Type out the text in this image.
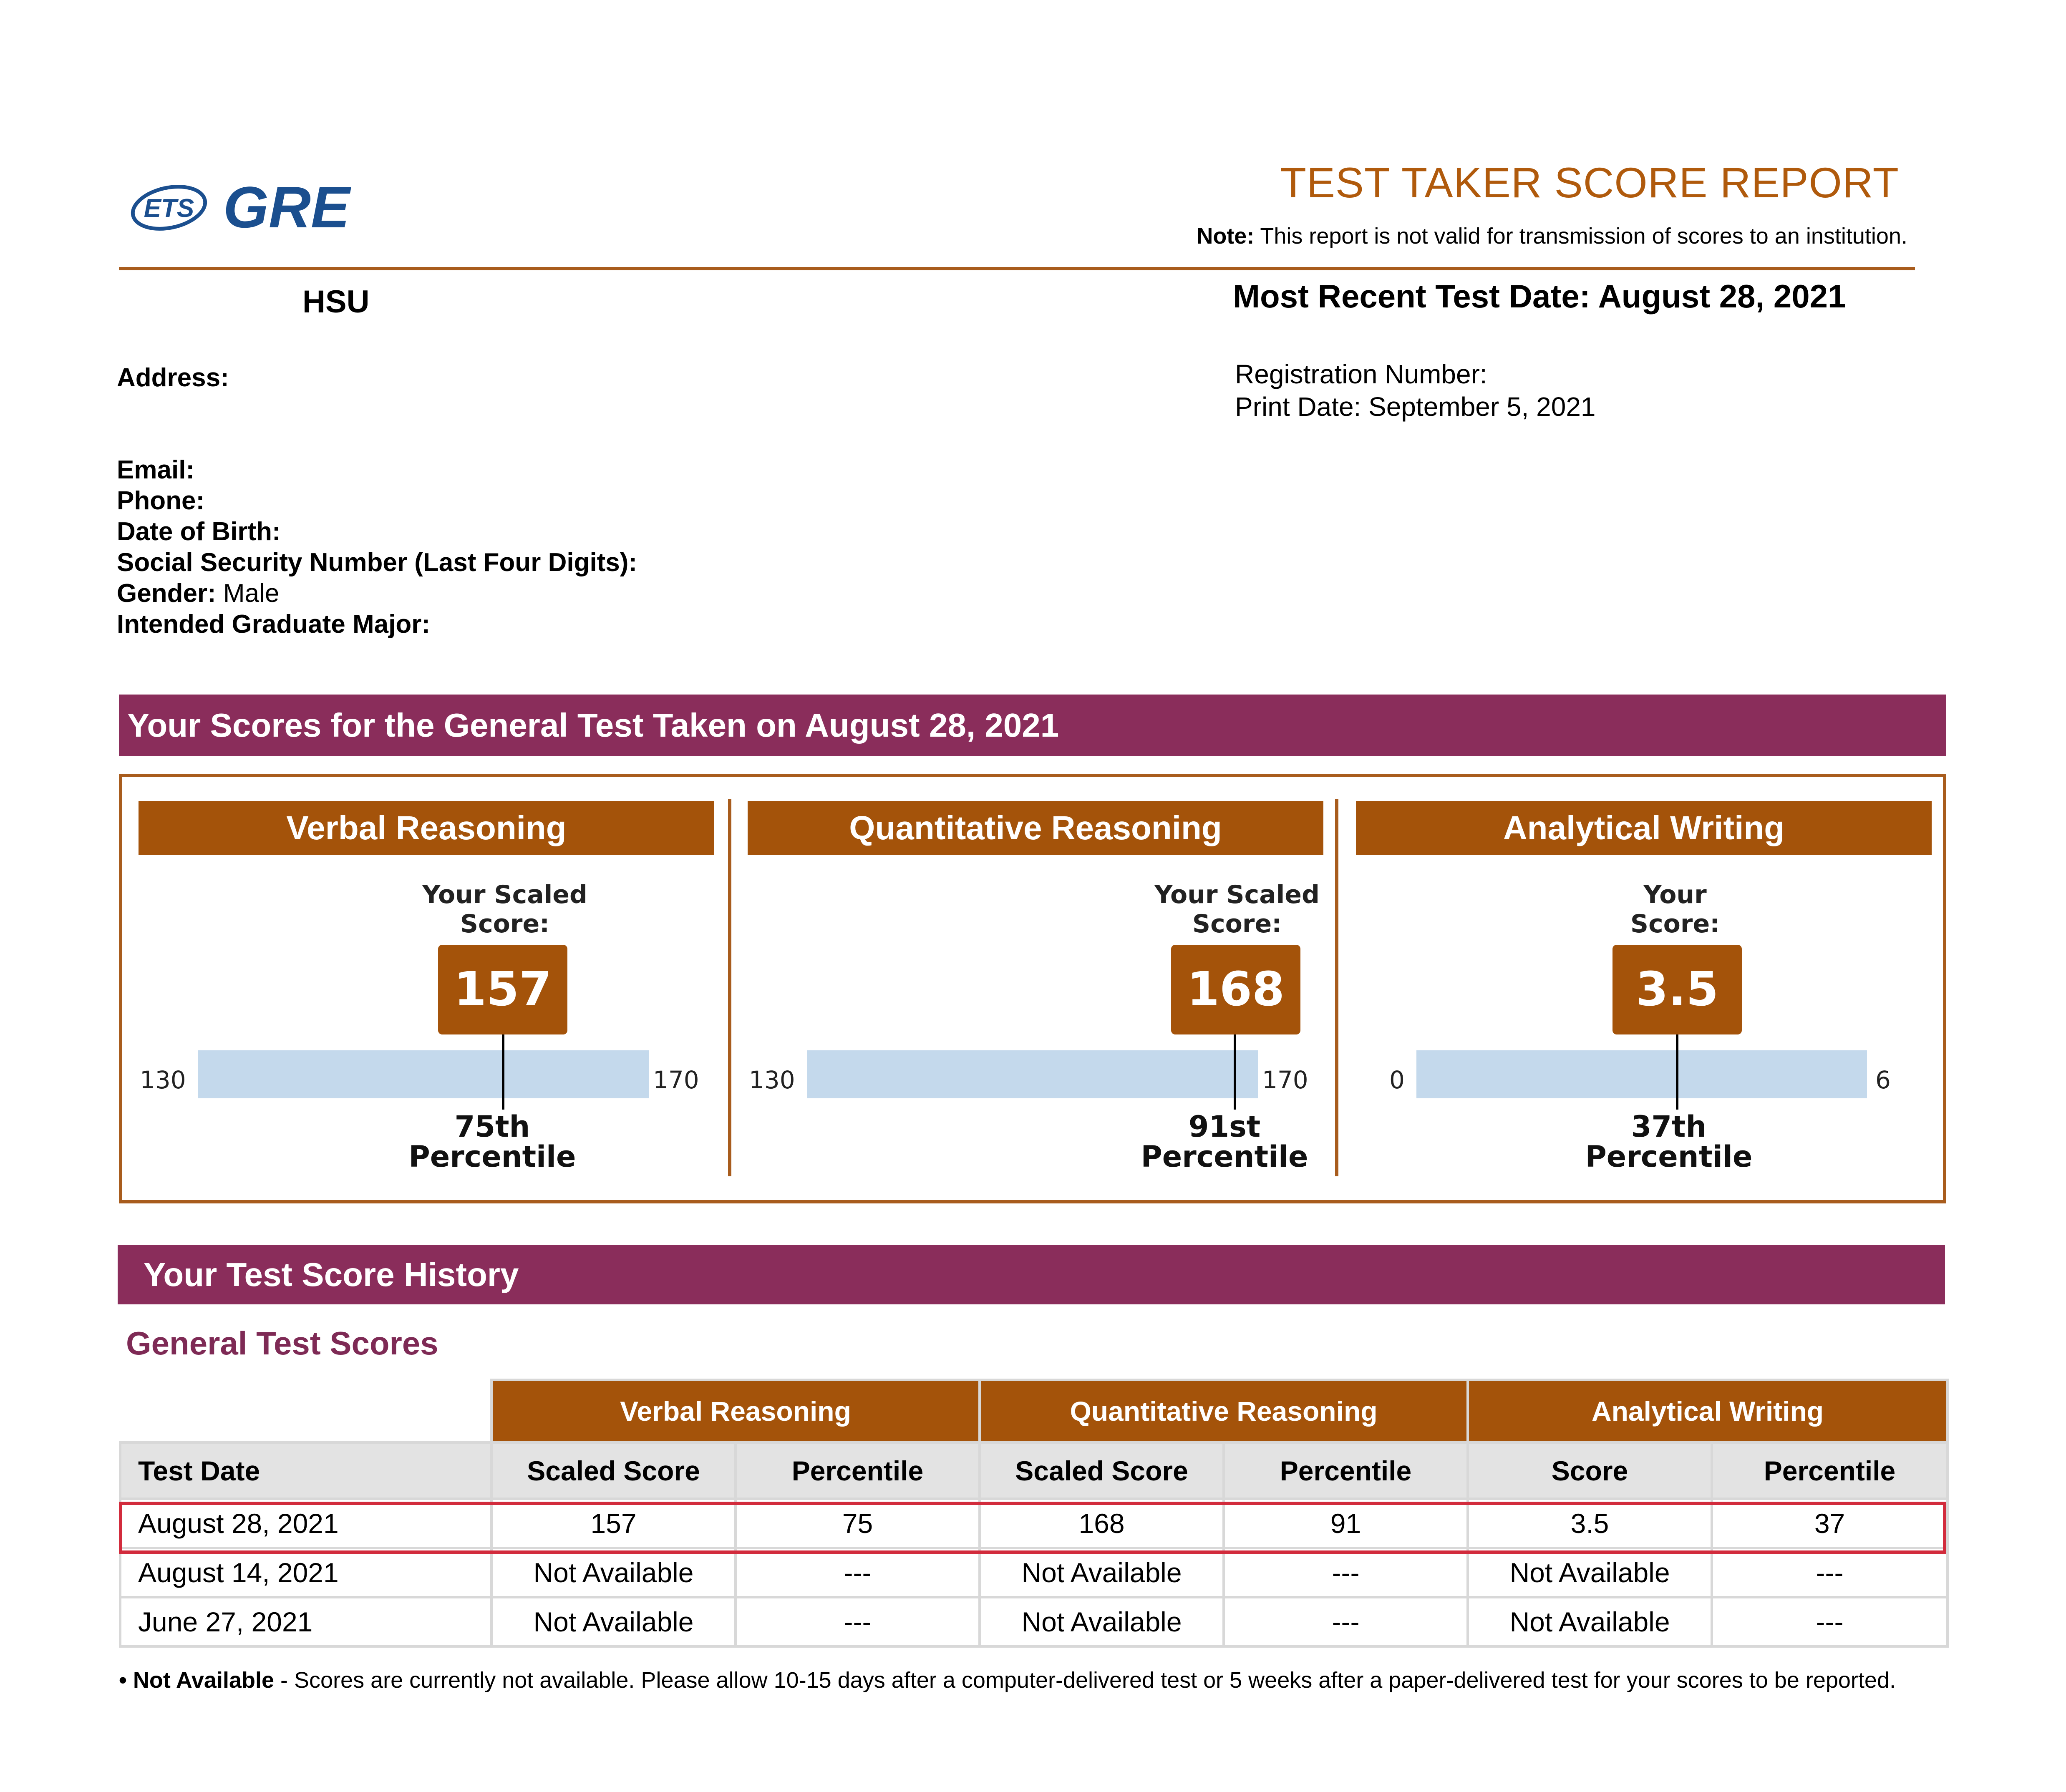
ETS GRE	TEST TAKER SCORE REPORT
Note: This report is not valid for transmission of scores to an institution.
HSU	Most Recent Test Date: August 28, 2021
Registration Number:
Print Date: September 5, 2021
Address:
Email:
Phone:
Date of Birth:
Social Security Number (Last Four Digits):
Gender: Male
Intended Graduate Major:
Your Scores for the General Test Taken on August 28, 2021
Verbal Reasoning
Your Scaled
Score:
157
130	170
75th
Percentile
Quantitative Reasoning
Your Scaled
Score:
168
130	170
91st
Percentile
Analytical Writing
Your
Score:
3.5
0	6
37th
Percentile
Your Test Score History
General Test Scores
	Verbal Reasoning		Quantitative Reasoning		Analytical Writing	
Test Date	Scaled Score	Percentile	Scaled Score	Percentile	Score	Percentile
August 28, 2021	157	75	168	91	3.5	37
August 14, 2021	Not Available	---	Not Available	---	Not Available	---
June 27, 2021	Not Available	---	Not Available	---	Not Available	---
• Not Available - Scores are currently not available. Please allow 10-15 days after a computer-delivered test or 5 weeks after a paper-delivered test for your scores to be reported.
